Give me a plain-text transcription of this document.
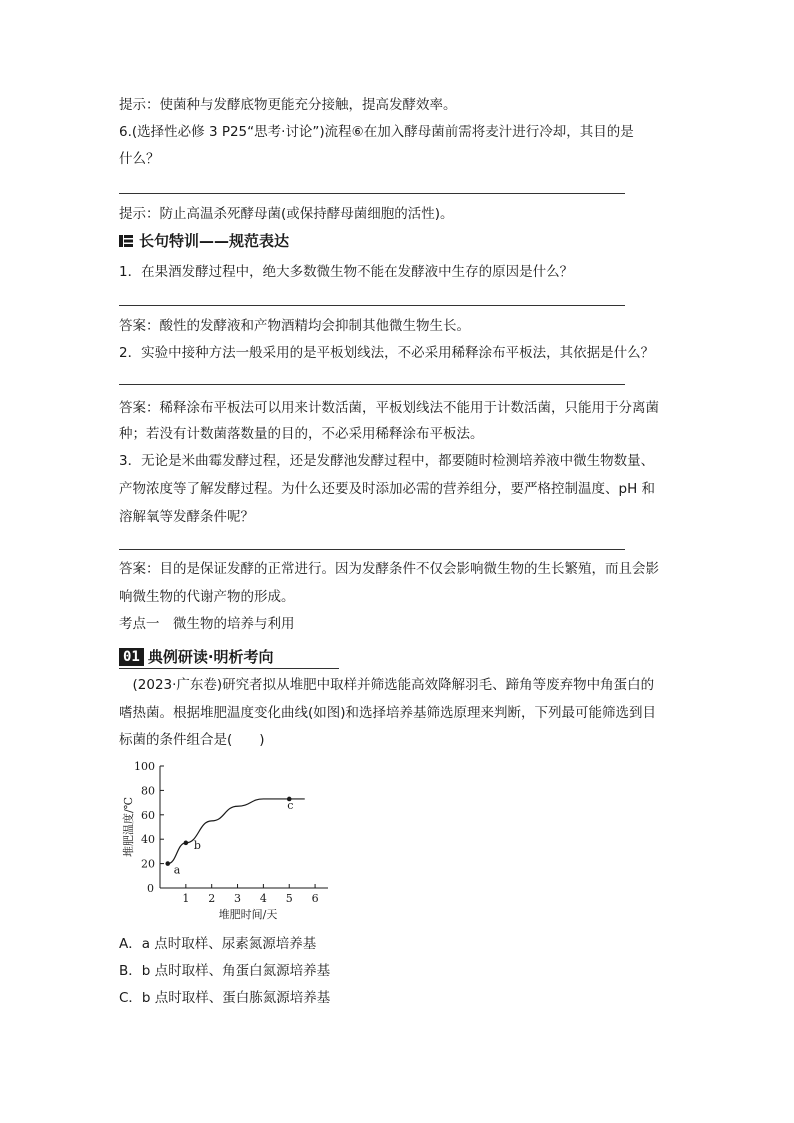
提示：使菌种与发酵底物更能充分接触，提高发酵效率。
6.(选择性必修 3 P25“思考·讨论”)流程⑥在加入酵母菌前需将麦汁进行冷却，其目的是
什么？
提示：防止高温杀死酵母菌(或保持酵母菌细胞的活性)。
长句特训——规范表达
1．在果酒发酵过程中，绝大多数微生物不能在发酵液中生存的原因是什么？
答案：酸性的发酵液和产物酒精均会抑制其他微生物生长。
2．实验中接种方法一般采用的是平板划线法，不必采用稀释涂布平板法，其依据是什么？
答案：稀释涂布平板法可以用来计数活菌，平板划线法不能用于计数活菌，只能用于分离菌
种；若没有计数菌落数量的目的，不必采用稀释涂布平板法。
3．无论是米曲霉发酵过程，还是发酵池发酵过程中，都要随时检测培养液中微生物数量、
产物浓度等了解发酵过程。为什么还要及时添加必需的营养组分，要严格控制温度、pH 和
溶解氧等发酵条件呢？
答案：目的是保证发酵的正常进行。因为发酵条件不仅会影响微生物的生长繁殖，而且会影
响微生物的代谢产物的形成。
考点一　微生物的培养与利用
01 典例研读·明析考向
　(2023·广东卷)研究者拟从堆肥中取样并筛选能高效降解羽毛、蹄角等废弃物中角蛋白的
嗜热菌。根据堆肥温度变化曲线(如图)和选择培养基筛选原理来判断，下列最可能筛选到目
标菌的条件组合是(　　)
0
20
40
60
80
100
1 2 3 4 5 6
a
b
c
堆肥时间/天
堆肥温度/℃
A．a 点时取样、尿素氮源培养基
B．b 点时取样、角蛋白氮源培养基
C．b 点时取样、蛋白胨氮源培养基
